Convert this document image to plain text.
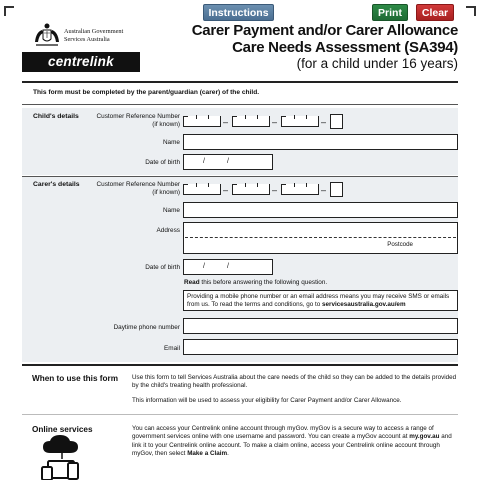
Instructions	Print	Clear
Australian Government
Services Australia
centrelink
Carer Payment and/or Carer Allowance
Care Needs Assessment (SA394)
(for a child under 16 years)
This form must be completed by the parent/guardian (carer) of the child.
Child's details	Customer Reference Number
(if known)	–	–	–
Name
Date of birth	/	/
Carer's details	Customer Reference Number
(if known)	–	–	–
Name
Address
Postcode
Date of birth	/	/
Read this before answering the following question.
Providing a mobile phone number or an email address means you may receive SMS or emails from us. To read the terms and conditions, go to servicesaustralia.gov.au/em
Daytime phone number
Email
When to use this form Use this form to tell Services Australia about the care needs of the child so they can be added to the details provided by the child's treating health professional.
This information will be used to assess your eligibility for Carer Payment and/or Carer Allowance.
Online services	You can access your Centrelink online account through myGov. myGov is a secure way to access a range of government services online with one username and password. You can create a myGov account at my.gov.au and link it to your Centrelink online account. To make a claim online, access your Centrelink online account through myGov, then select Make a Claim.
